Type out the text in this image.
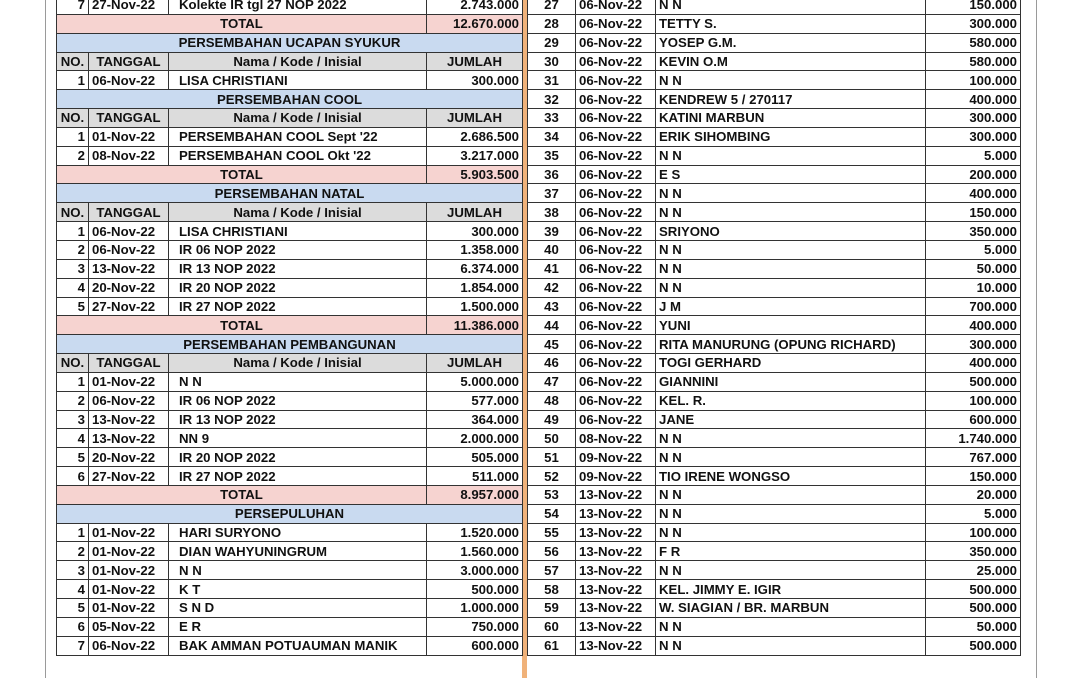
7	27-Nov-22	Kolekte IR tgl 27 NOP 2022	2.743.000
TOTAL			12.670.000
PERSEMBAHAN UCAPAN SYUKUR			
NO.	TANGGAL	Nama / Kode / Inisial	JUMLAH
1	06-Nov-22	LISA CHRISTIANI	300.000
PERSEMBAHAN COOL			
NO.	TANGGAL	Nama / Kode / Inisial	JUMLAH
1	01-Nov-22	PERSEMBAHAN COOL Sept '22	2.686.500
2	08-Nov-22	PERSEMBAHAN COOL Okt '22	3.217.000
TOTAL			5.903.500
PERSEMBAHAN NATAL			
NO.	TANGGAL	Nama / Kode / Inisial	JUMLAH
1	06-Nov-22	LISA CHRISTIANI	300.000
2	06-Nov-22	IR 06 NOP 2022	1.358.000
3	13-Nov-22	IR 13 NOP 2022	6.374.000
4	20-Nov-22	IR 20 NOP 2022	1.854.000
5	27-Nov-22	IR 27 NOP 2022	1.500.000
TOTAL			11.386.000
PERSEMBAHAN PEMBANGUNAN			
NO.	TANGGAL	Nama / Kode / Inisial	JUMLAH
1	01-Nov-22	N N	5.000.000
2	06-Nov-22	IR 06 NOP 2022	577.000
3	13-Nov-22	IR 13 NOP 2022	364.000
4	13-Nov-22	NN 9	2.000.000
5	20-Nov-22	IR 20 NOP 2022	505.000
6	27-Nov-22	IR 27 NOP 2022	511.000
TOTAL			8.957.000
PERSEPULUHAN			
1	01-Nov-22	HARI SURYONO	1.520.000
2	01-Nov-22	DIAN WAHYUNINGRUM	1.560.000
3	01-Nov-22	N N	3.000.000
4	01-Nov-22	K T	500.000
5	01-Nov-22	S N D	1.000.000
6	05-Nov-22	E R	750.000
7	06-Nov-22	BAK AMMAN POTUAUMAN MANIK	600.000
27	06-Nov-22	N N	150.000
28	06-Nov-22	TETTY S.	300.000
29	06-Nov-22	YOSEP G.M.	580.000
30	06-Nov-22	KEVIN O.M	580.000
31	06-Nov-22	N N	100.000
32	06-Nov-22	KENDREW 5 / 270117	400.000
33	06-Nov-22	KATINI MARBUN	300.000
34	06-Nov-22	ERIK SIHOMBING	300.000
35	06-Nov-22	N N	5.000
36	06-Nov-22	E S	200.000
37	06-Nov-22	N N	400.000
38	06-Nov-22	N N	150.000
39	06-Nov-22	SRIYONO	350.000
40	06-Nov-22	N N	5.000
41	06-Nov-22	N N	50.000
42	06-Nov-22	N N	10.000
43	06-Nov-22	J M	700.000
44	06-Nov-22	YUNI	400.000
45	06-Nov-22	RITA MANURUNG (OPUNG RICHARD)	300.000
46	06-Nov-22	TOGI GERHARD	400.000
47	06-Nov-22	GIANNINI	500.000
48	06-Nov-22	KEL. R.	100.000
49	06-Nov-22	JANE	600.000
50	08-Nov-22	N N	1.740.000
51	09-Nov-22	N N	767.000
52	09-Nov-22	TIO IRENE WONGSO	150.000
53	13-Nov-22	N N	20.000
54	13-Nov-22	N N	5.000
55	13-Nov-22	N N	100.000
56	13-Nov-22	F R	350.000
57	13-Nov-22	N N	25.000
58	13-Nov-22	KEL. JIMMY E. IGIR	500.000
59	13-Nov-22	W. SIAGIAN / BR. MARBUN	500.000
60	13-Nov-22	N N	50.000
61	13-Nov-22	N N	500.000
